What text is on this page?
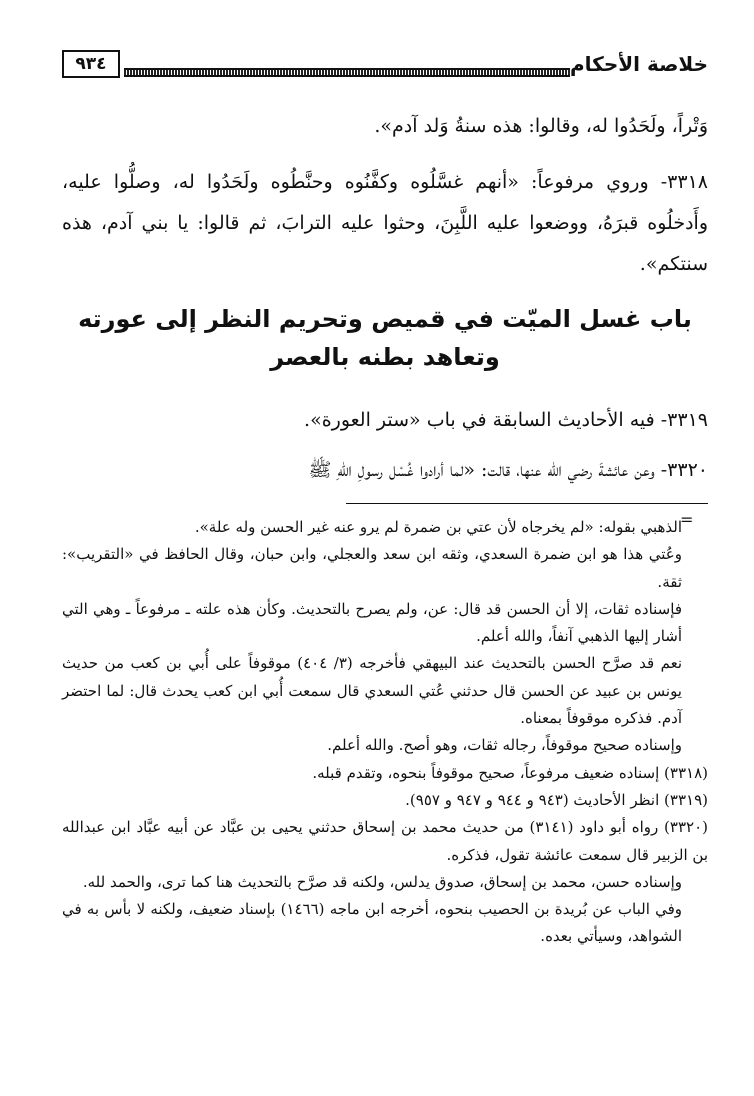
٩٣٤	خلاصة الأحكام

وَتْراً، ولَحَدُوا له، وقالوا: هذه سنةُ وَلد آدم».

٣٣١٨- وروي مرفوعاً: «أنهم غسَّلُوه وكفَّنُوه وحنَّطُوه ولَحَدُوا له، وصلُّوا عليه، وأَدخلُوه قبرَهُ، ووضعوا عليه اللَّبِنَ، وحثوا عليه الترابَ، ثم قالوا: يا بني آدم، هذه سنتكم».

باب غسل الميّت في قميص وتحريم النظر إلى عورته
وتعاهد بطنه بالعصر

٣٣١٩- فيه الأحاديث السابقة في باب «ستر العورة».

٣٣٢٠- وعن عائشةَ رضي الله عنها، قالت: «لما أرادوا غُسْل رسولِ اللهِ ﷺ

=

الذهبي بقوله: «لم يخرجاه لأن عتي بن ضمرة لم يرو عنه غير الحسن وله علة».

وعُتي هذا هو ابن ضمرة السعدي، وثقه ابن سعد والعجلي، وابن حبان، وقال الحافظ في «التقريب»: ثقة.

فإسناده ثقات، إلا أن الحسن قد قال: عن، ولم يصرح بالتحديث. وكأن هذه علته ـ مرفوعاً ـ وهي التي أشار إليها الذهبي آنفاً، والله أعلم.

نعم قد صرَّح الحسن بالتحديث عند البيهقي فأخرجه (٣/ ٤٠٤) موقوفاً على أُبي بن كعب من حديث يونس بن عبيد عن الحسن قال حدثني عُتي السعدي قال سمعت أُبي ابن كعب يحدث قال: لما احتضر آدم. فذكره موقوفاً بمعناه.

وإسناده صحيح موقوفاً، رجاله ثقات، وهو أصح. والله أعلم.

(٣٣١٨) إسناده ضعيف مرفوعاً، صحيح موقوفاً بنحوه، وتقدم قبله.

(٣٣١٩) انظر الأحاديث (٩٤٣ و ٩٤٤ و ٩٤٧ و ٩٥٧).

(٣٣٢٠) رواه أبو داود (٣١٤١) من حديث محمد بن إسحاق حدثني يحيى بن عبَّاد عن أبيه عبَّاد ابن عبدالله بن الزبير قال سمعت عائشة تقول، فذكره.

وإسناده حسن، محمد بن إسحاق، صدوق يدلس، ولكنه قد صرَّح بالتحديث هنا كما ترى، والحمد لله.

وفي الباب عن بُريدة بن الحصيب بنحوه، أخرجه ابن ماجه (١٤٦٦) بإسناد ضعيف، ولكنه لا بأس به في الشواهد، وسيأتي بعده.
